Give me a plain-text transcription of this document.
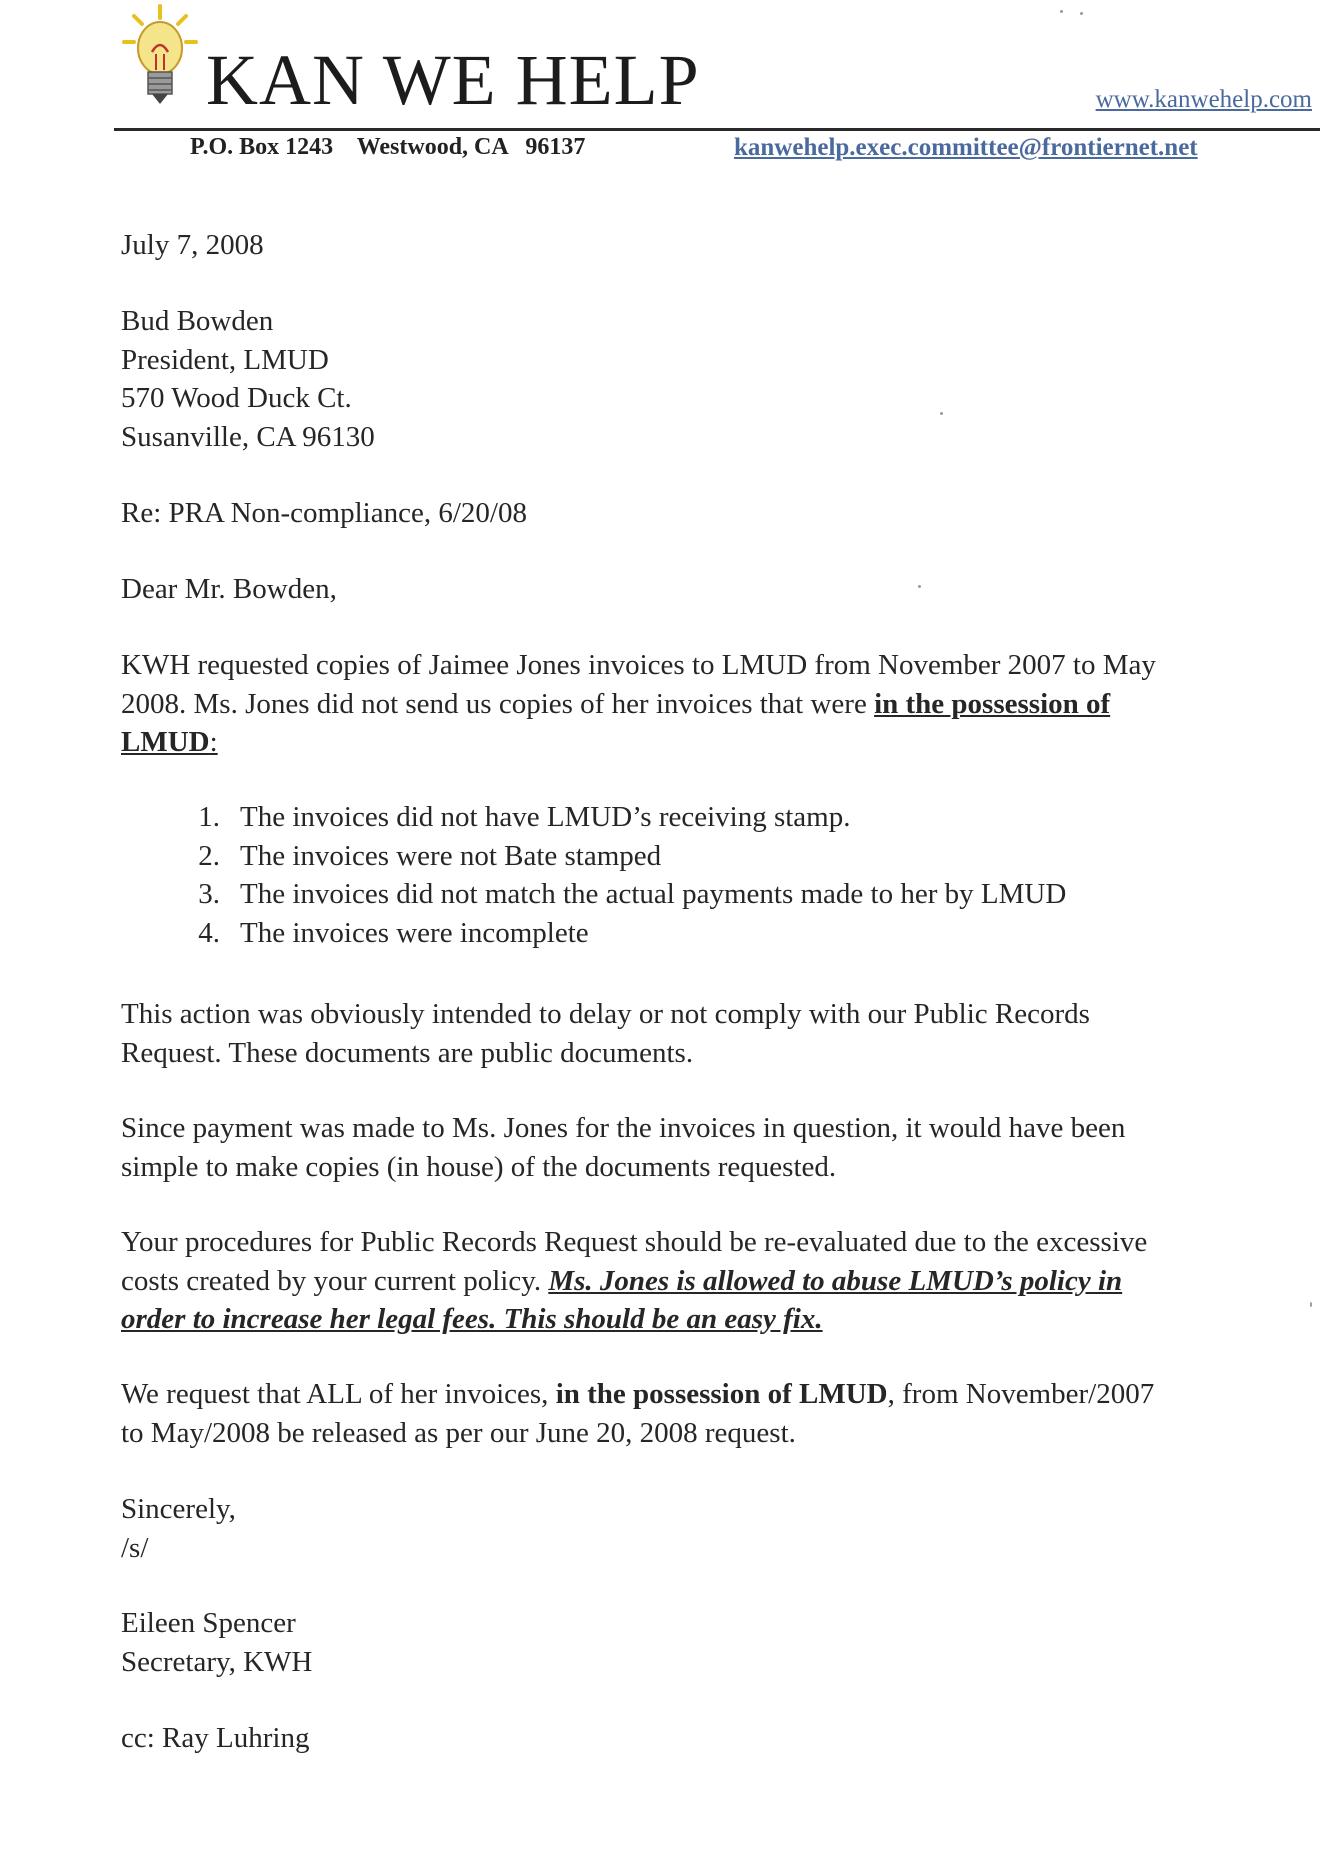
KAN WE HELP	www.kanwehelp.com
P.O. Box 1243 Westwood, CA   96137	kanwehelp.exec.committee@frontiernet.net
July 7, 2008
Bud Bowden
President, LMUD
570 Wood Duck Ct.
Susanville, CA 96130
Re: PRA Non-compliance, 6/20/08
Dear Mr. Bowden,
KWH requested copies of Jaimee Jones invoices to LMUD from November 2007 to May
2008. Ms. Jones did not send us copies of her invoices that were in the possession of
LMUD:
1. The invoices did not have LMUD’s receiving stamp.
2. The invoices were not Bate stamped
3. The invoices did not match the actual payments made to her by LMUD
4. The invoices were incomplete
This action was obviously intended to delay or not comply with our Public Records
Request. These documents are public documents.
Since payment was made to Ms. Jones for the invoices in question, it would have been
simple to make copies (in house) of the documents requested.
Your procedures for Public Records Request should be re-evaluated due to the excessive
costs created by your current policy. Ms. Jones is allowed to abuse LMUD’s policy in
order to increase her legal fees. This should be an easy fix.
We request that ALL of her invoices, in the possession of LMUD, from November/2007
to May/2008 be released as per our June 20, 2008 request.
Sincerely,
/s/
Eileen Spencer
Secretary, KWH
cc: Ray Luhring
